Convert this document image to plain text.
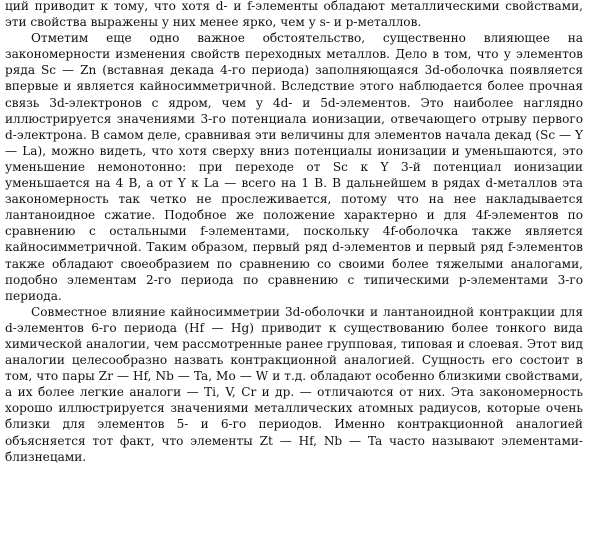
ций приводит к тому, что хотя d- и f-элементы обладают металлическими свойствами, эти свойства выражены у них менее ярко, чем у s- и p-металлов.

Отметим еще одно важное обстоятельство, существенно влияющее на закономерности изменения свойств переходных металлов. Дело в том, что у элементов ряда Sc — Zn (вставная декада 4-го периода) заполняющаяся 3d-оболочка появляется впервые и является кайносимметричной. Вследствие этого наблюдается более прочная связь 3d-электронов с ядром, чем у 4d- и 5d-элементов. Это наиболее наглядно иллюстрируется значениями 3-го потенциала ионизации, отвечающего отрыву первого d-электрона. В самом деле, сравнивая эти величины для элементов начала декад (Sc — Y — La), можно видеть, что хотя сверху вниз потенциалы ионизации и уменьшаются, это уменьшение немонотонно: при переходе от Sc к Y 3-й потенциал ионизации уменьшается на 4 В, а от Y к La — всего на 1 В. В дальнейшем в рядах d-металлов эта закономерность так четко не прослеживается, потому что на нее накладывается лантаноидное сжатие. Подобное же положение характерно и для 4f-элементов по сравнению с остальными f-элементами, поскольку 4f-оболочка также является кайносимметричной. Таким образом, первый ряд d-элементов и первый ряд f-элементов также обладают своеобразием по сравнению со своими более тяжелыми аналогами, подобно элементам 2-го периода по сравнению с типическими p-элементами 3-го периода.

Совместное влияние кайносимметрии 3d-оболочки и лантаноидной контракции для d-элементов 6-го периода (Hf — Hg) приводит к существованию более тонкого вида химической аналогии, чем рассмотренные ранее групповая, типовая и слоевая. Этот вид аналогии целесообразно назвать контракционной аналогией. Сущность его состоит в том, что пары Zr — Hf, Nb — Ta, Mo — W и т.д. обладают особенно близкими свойствами, а их более легкие аналоги — Ti, V, Cr и др. — отличаются от них. Эта закономерность хорошо иллюстрируется значениями металлических атомных радиусов, которые очень близки для элементов 5- и 6-го периодов. Именно контракционной аналогией объясняется тот факт, что элементы Zt — Hf, Nb — Ta часто называют элементами-близнецами.
